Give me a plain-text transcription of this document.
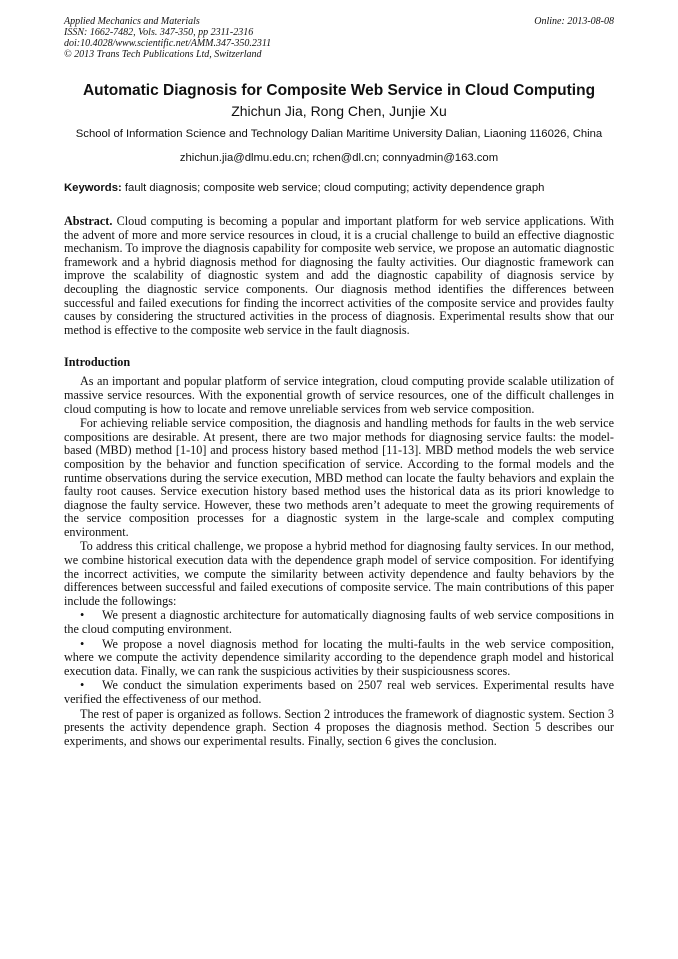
Applied Mechanics and Materials
ISSN: 1662-7482, Vols. 347-350, pp 2311-2316
doi:10.4028/www.scientific.net/AMM.347-350.2311
© 2013 Trans Tech Publications Ltd, Switzerland
Online: 2013-08-08
Automatic Diagnosis for Composite Web Service in Cloud Computing
Zhichun Jia, Rong Chen, Junjie Xu
School of Information Science and Technology Dalian Maritime University Dalian, Liaoning 116026, China
zhichun.jia@dlmu.edu.cn; rchen@dl.cn; connyadmin@163.com
Keywords: fault diagnosis; composite web service; cloud computing; activity dependence graph
Abstract. Cloud computing is becoming a popular and important platform for web service applications. With the advent of more and more service resources in cloud, it is a crucial challenge to build an effective diagnostic mechanism. To improve the diagnosis capability for composite web service, we propose an automatic diagnostic framework and a hybrid diagnosis method for diagnosing the faulty activities. Our diagnostic framework can improve the scalability of diagnostic system and add the diagnostic capability of diagnosis service by decoupling the diagnostic service components. Our diagnosis method identifies the differences between successful and failed executions for finding the incorrect activities of the composite service and provides faulty causes by considering the structured activities in the process of diagnosis. Experimental results show that our method is effective to the composite web service in the fault diagnosis.
Introduction
As an important and popular platform of service integration, cloud computing provide scalable utilization of massive service resources. With the exponential growth of service resources, one of the difficult challenges in cloud computing is how to locate and remove unreliable services from web service composition.
For achieving reliable service composition, the diagnosis and handling methods for faults in the web service compositions are desirable. At present, there are two major methods for diagnosing service faults: the model-based (MBD) method [1-10] and process history based method [11-13]. MBD method models the web service composition by the behavior and function specification of service. According to the formal models and the runtime observations during the service execution, MBD method can locate the faulty behaviors and explain the faulty root causes. Service execution history based method uses the historical data as its priori knowledge to diagnose the faulty service. However, these two methods aren’t adequate to meet the growing requirements of the service composition processes for a diagnostic system in the large-scale and complex computing environment.
To address this critical challenge, we propose a hybrid method for diagnosing faulty services. In our method, we combine historical execution data with the dependence graph model of service composition. For identifying the incorrect activities, we compute the similarity between activity dependence and faulty behaviors by the differences between successful and failed executions of composite service. The main contributions of this paper include the followings:
• We present a diagnostic architecture for automatically diagnosing faults of web service compositions in the cloud computing environment.
• We propose a novel diagnosis method for locating the multi-faults in the web service composition, where we compute the activity dependence similarity according to the dependence graph model and historical execution data. Finally, we can rank the suspicious activities by their suspiciousness scores.
• We conduct the simulation experiments based on 2507 real web services. Experimental results have verified the effectiveness of our method.
The rest of paper is organized as follows. Section 2 introduces the framework of diagnostic system. Section 3 presents the activity dependence graph. Section 4 proposes the diagnosis method. Section 5 describes our experiments, and shows our experimental results. Finally, section 6 gives the conclusion.
